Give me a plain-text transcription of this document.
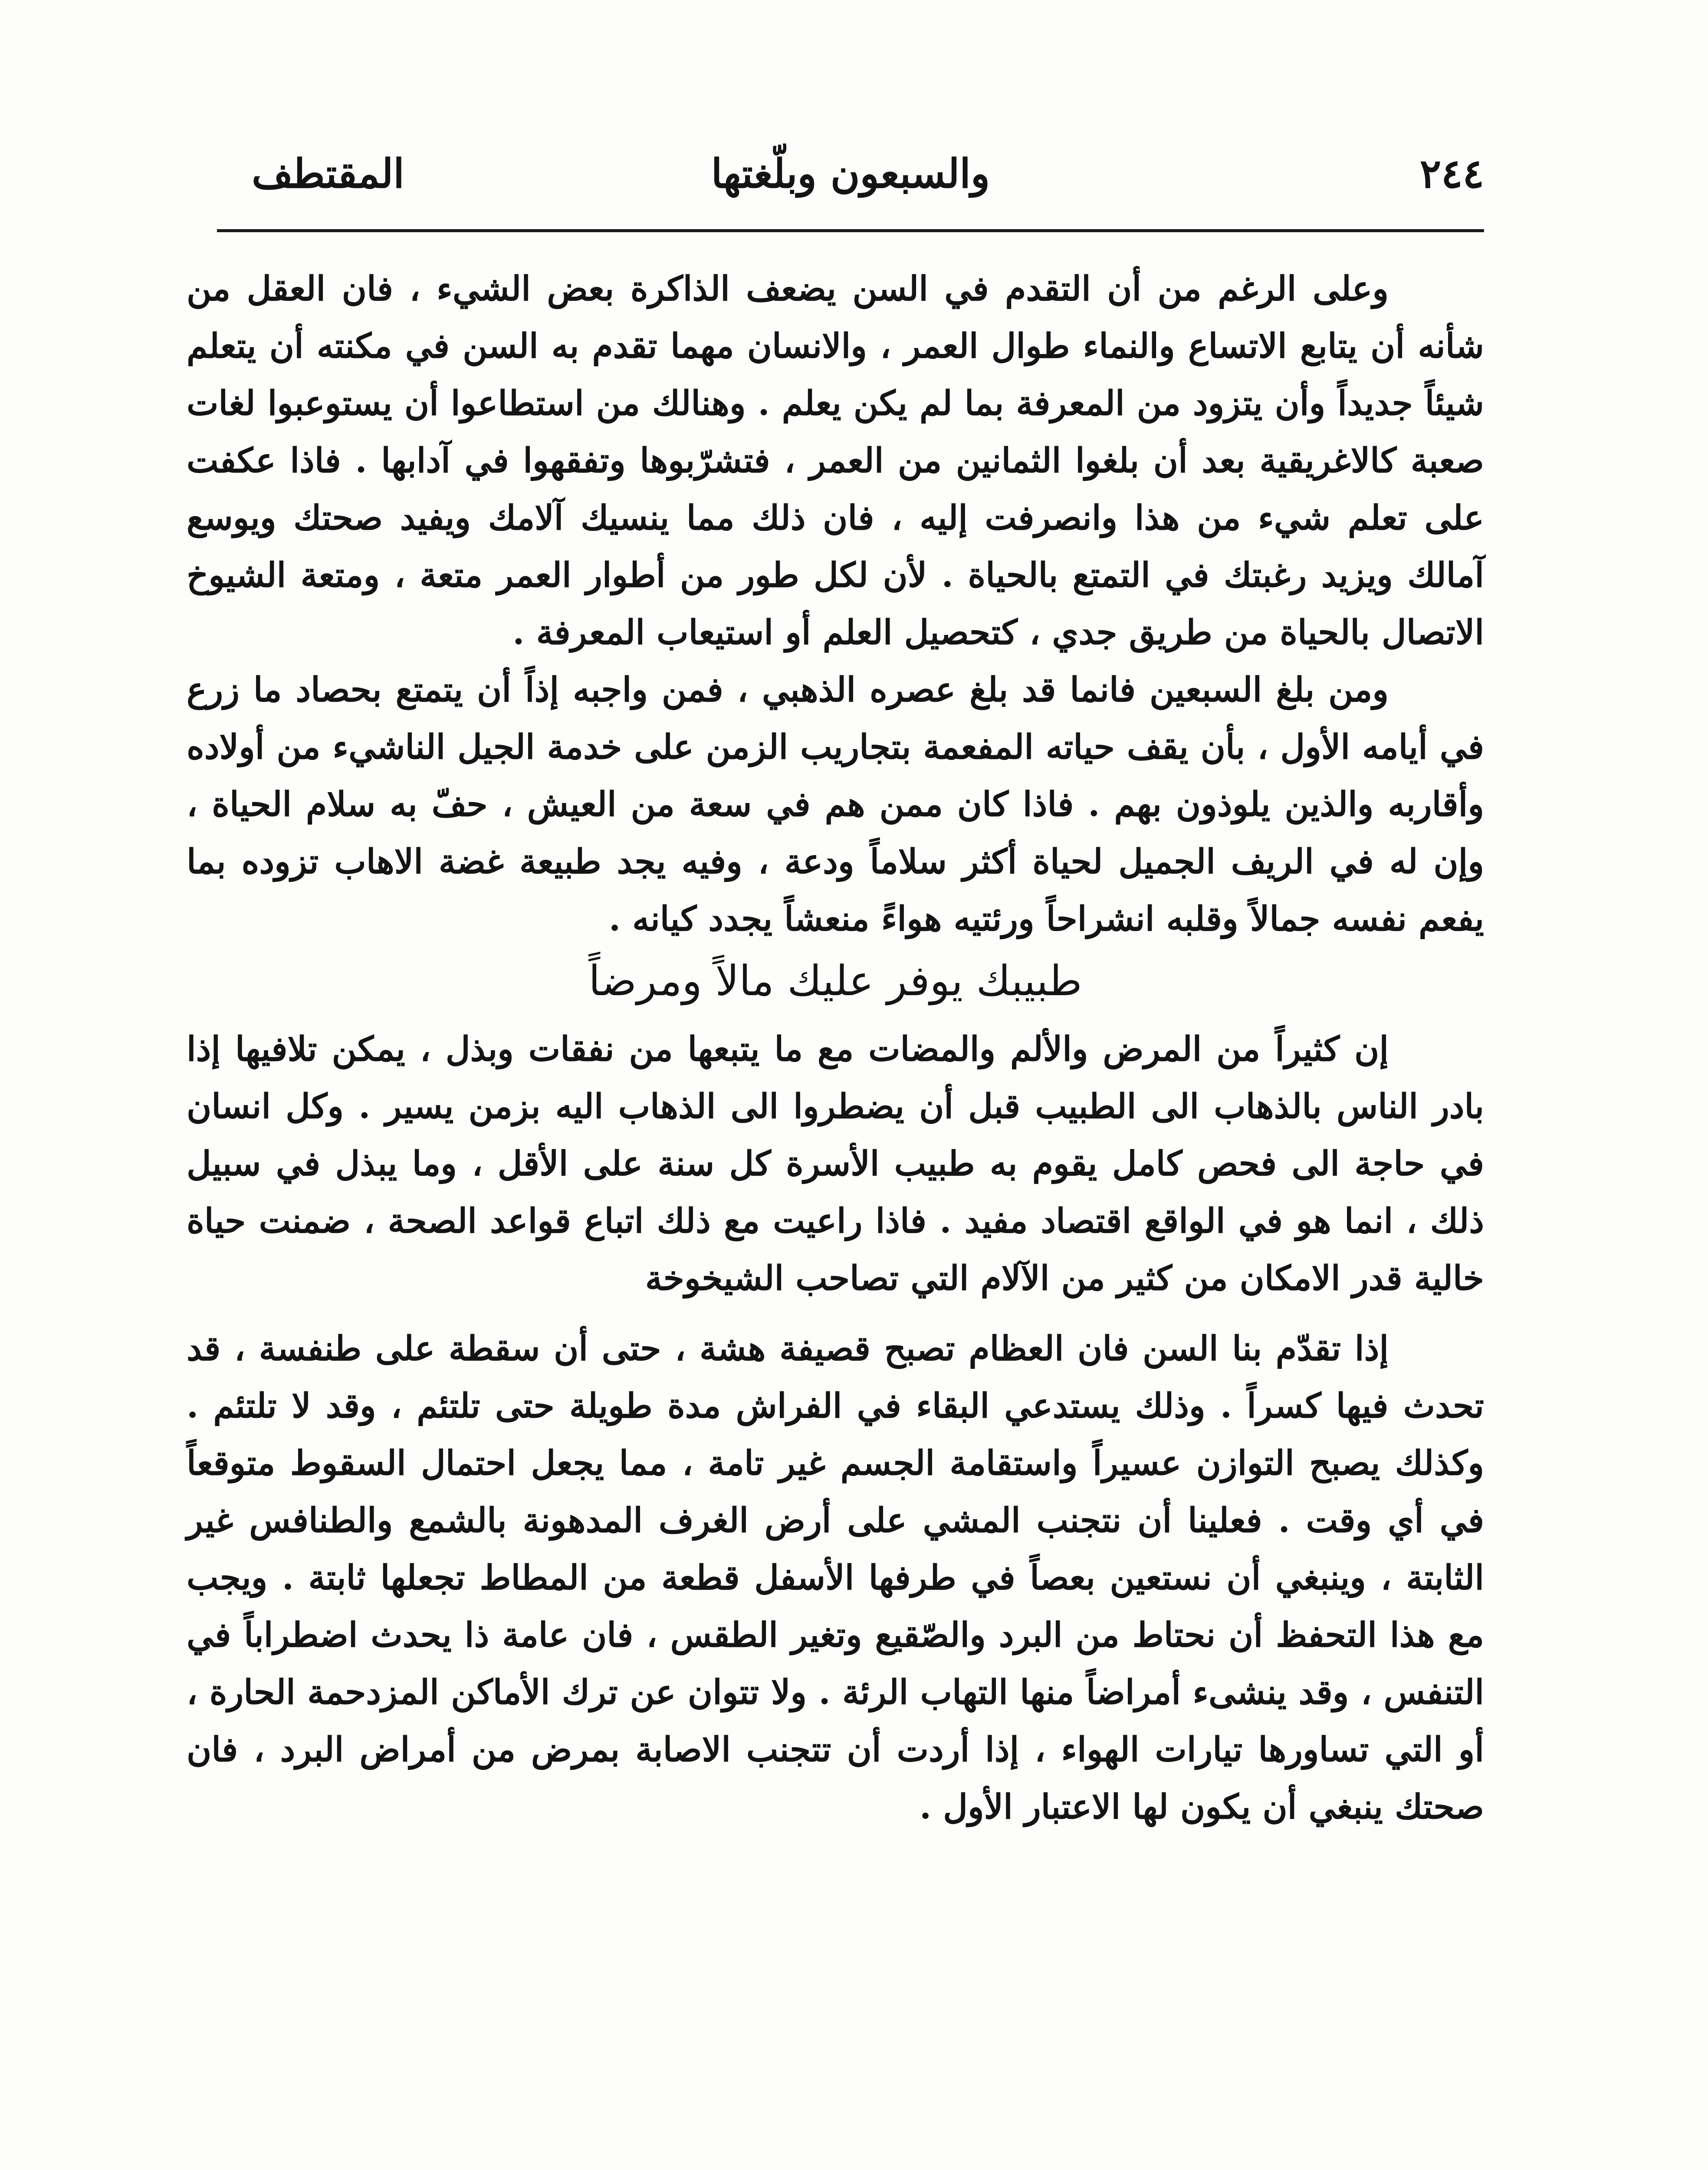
٢٤٤
والسبعون وبلّغتها
المقتطف

وعلى الرغم من أن التقدم في السن يضعف الذاكرة بعض الشيء ، فان العقل من شأنه أن يتابع الاتساع والنماء طوال العمر ، والانسان مهما تقدم به السن في مكنته أن يتعلم شيئاً جديداً وأن يتزود من المعرفة بما لم يكن يعلم . وهنالك من استطاعوا أن يستوعبوا لغات صعبة كالاغريقية بعد أن بلغوا الثمانين من العمر ، فتشرّبوها وتفقهوا في آدابها . فاذا عكفت على تعلم شيء من هذا وانصرفت إليه ، فان ذلك مما ينسيك آلامك ويفيد صحتك ويوسع آمالك ويزيد رغبتك في التمتع بالحياة . لأن لكل طور من أطوار العمر متعة ، ومتعة الشيوخ الاتصال بالحياة من طريق جدي ، كتحصيل العلم أو استيعاب المعرفة .

ومن بلغ السبعين فانما قد بلغ عصره الذهبي ، فمن واجبه إذاً أن يتمتع بحصاد ما زرع في أيامه الأول ، بأن يقف حياته المفعمة بتجاريب الزمن على خدمة الجيل الناشيء من أولاده وأقاربه والذين يلوذون بهم . فاذا كان ممن هم في سعة من العيش ، حفّ به سلام الحياة ، وإن له في الريف الجميل لحياة أكثر سلاماً ودعة ، وفيه يجد طبيعة غضة الاهاب تزوده بما يفعم نفسه جمالاً وقلبه انشراحاً ورئتيه هواءً منعشاً يجدد كيانه .

طبيبك يوفر عليك مالاً ومرضاً

إن كثيراً من المرض والألم والمضات مع ما يتبعها من نفقات وبذل ، يمكن تلافيها إذا بادر الناس بالذهاب الى الطبيب قبل أن يضطروا الى الذهاب اليه بزمن يسير . وكل انسان في حاجة الى فحص كامل يقوم به طبيب الأسرة كل سنة على الأقل ، وما يبذل في سبيل ذلك ، انما هو في الواقع اقتصاد مفيد . فاذا راعيت مع ذلك اتباع قواعد الصحة ، ضمنت حياة خالية قدر الامكان من كثير من الآلام التي تصاحب الشيخوخة

إذا تقدّم بنا السن فان العظام تصبح قصيفة هشة ، حتى أن سقطة على طنفسة ، قد تحدث فيها كسراً . وذلك يستدعي البقاء في الفراش مدة طويلة حتى تلتئم ، وقد لا تلتئم . وكذلك يصبح التوازن عسيراً واستقامة الجسم غير تامة ، مما يجعل احتمال السقوط متوقعاً في أي وقت . فعلينا أن نتجنب المشي على أرض الغرف المدهونة بالشمع والطنافس غير الثابتة ، وينبغي أن نستعين بعصاً في طرفها الأسفل قطعة من المطاط تجعلها ثابتة . ويجب مع هذا التحفظ أن نحتاط من البرد والصّقيع وتغير الطقس ، فان عامة ذا يحدث اضطراباً في التنفس ، وقد ينشىء أمراضاً منها التهاب الرئة . ولا تتوان عن ترك الأماكن المزدحمة الحارة ، أو التي تساورها تيارات الهواء ، إذا أردت أن تتجنب الاصابة بمرض من أمراض البرد ، فان صحتك ينبغي أن يكون لها الاعتبار الأول .
